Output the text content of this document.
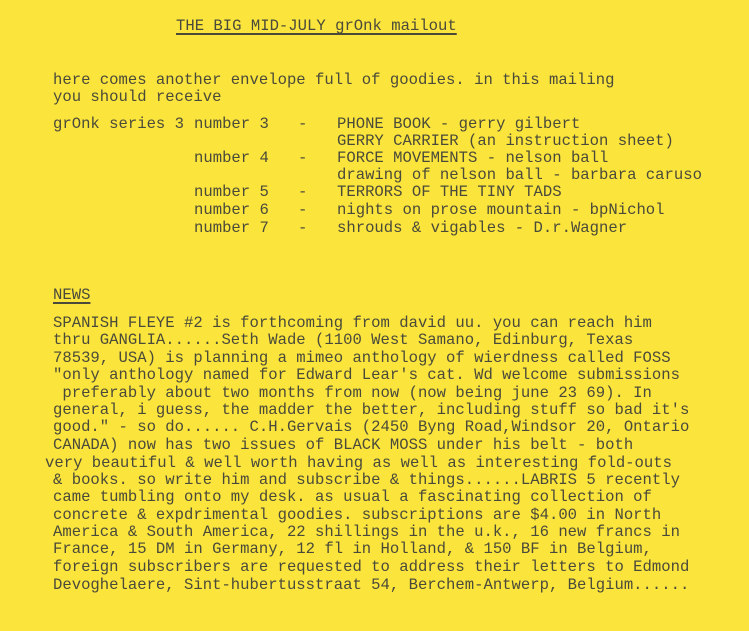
THE BIG MID-JULY grOnk mailout
here comes another envelope full of goodies. in this mailing
you should receive
grOnk series 3 number 3 - PHONE BOOK - gerry gilbert
GERRY CARRIER (an instruction sheet)
number 4 - FORCE MOVEMENTS - nelson ball
drawing of nelson ball - barbara caruso
number 5 - TERRORS OF THE TINY TADS
number 6 - nights on prose mountain - bpNichol
number 7 - shrouds & vigables - D.r.Wagner
NEWS
SPANISH FLEYE #2 is forthcoming from david uu. you can reach him
thru GANGLIA......Seth Wade (1100 West Samano, Edinburg, Texas
78539, USA) is planning a mimeo anthology of wierdness called FOSS
"only anthology named for Edward Lear's cat. Wd welcome submissions
preferably about two months from now (now being june 23 69). In
general, i guess, the madder the better, including stuff so bad it's
good." - so do...... C.H.Gervais (2450 Byng Road,Windsor 20, Ontario
CANADA) now has two issues of BLACK MOSS under his belt - both
very beautiful & well worth having as well as interesting fold-outs
& books. so write him and subscribe & things......LABRIS 5 recently
came tumbling onto my desk. as usual a fascinating collection of
concrete & expdrimental goodies. subscriptions are $4.00 in North
America & South America, 22 shillings in the u.k., 16 new francs in
France, 15 DM in Germany, 12 fl in Holland, & 150 BF in Belgium,
foreign subscribers are requested to address their letters to Edmond
Devoghelaere, Sint-hubertusstraat 54, Berchem-Antwerp, Belgium......
